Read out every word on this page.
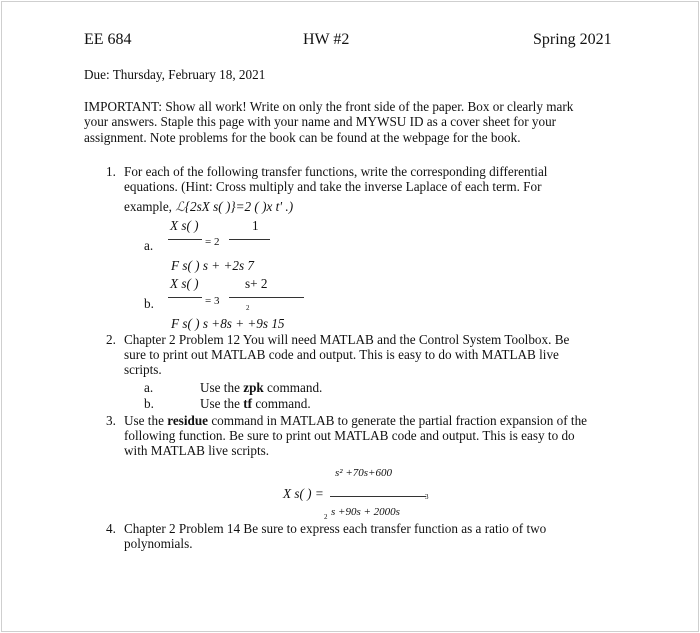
EE 684	HW #2	Spring 2021
Due: Thursday, February 18, 2021
IMPORTANT: Show all work! Write on only the front side of the paper. Box or clearly mark
your answers. Staple this page with your name and MYWSU ID as a cover sheet for your
assignment. Note problems for the book can be found at the webpage for the book.
1. For each of the following transfer functions, write the corresponding differential
equations. (Hint: Cross multiply and take the inverse Laplace of each term. For
example, ℒ{2sX s( )}=2 ( )x t' .)
X s( )	1
a.	= 2
F s( ) s + +2s 7
X s( )	s+ 2
b.	= 3
2
F s( ) s +8s + +9s 15
2. Chapter 2 Problem 12 You will need MATLAB and the Control System Toolbox. Be
sure to print out MATLAB code and output. This is easy to do with MATLAB live
scripts.
a.	Use the zpk command.
b.	Use the tf command.
3. Use the residue command in MATLAB to generate the partial fraction expansion of the
following function. Be sure to print out MATLAB code and output. This is easy to do
with MATLAB live scripts.
s² +70s+600
X s( ) =	3
2 s +90s + 2000s
4. Chapter 2 Problem 14 Be sure to express each transfer function as a ratio of two
polynomials.
